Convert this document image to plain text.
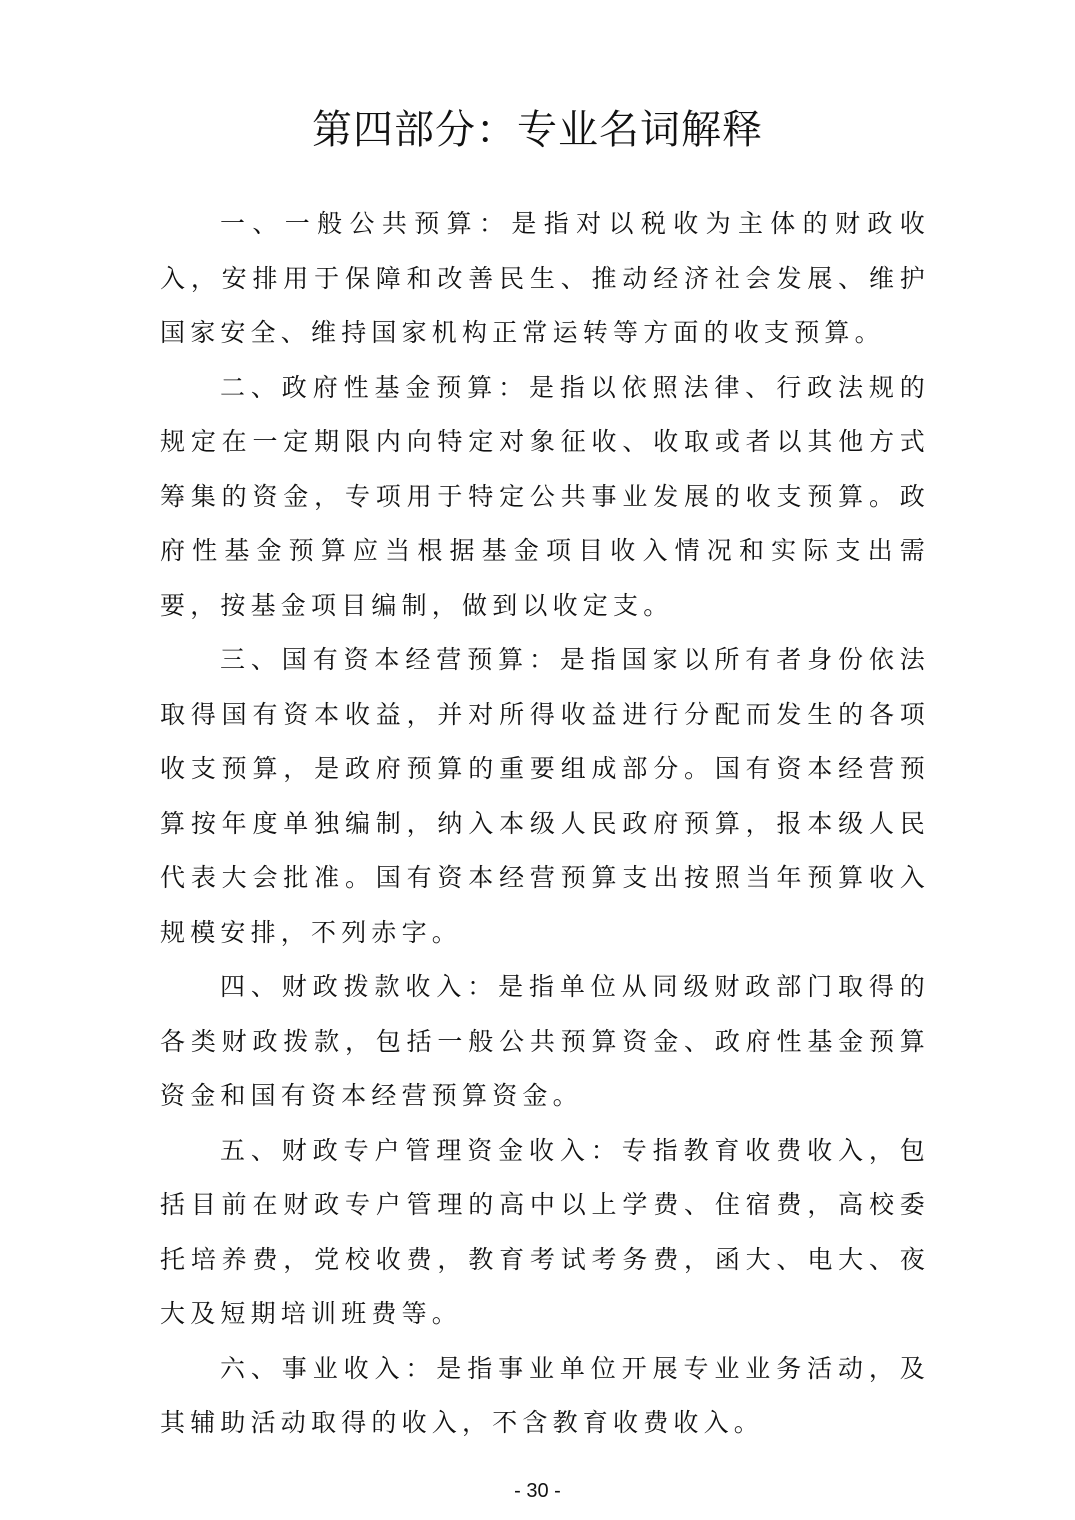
第四部分：专业名词解释

一、一般公共预算：是指对以税收为主体的财政收入，安排用于保障和改善民生、推动经济社会发展、维护国家安全、维持国家机构正常运转等方面的收支预算。

二、政府性基金预算：是指以依照法律、行政法规的规定在一定期限内向特定对象征收、收取或者以其他方式筹集的资金，专项用于特定公共事业发展的收支预算。政府性基金预算应当根据基金项目收入情况和实际支出需要，按基金项目编制，做到以收定支。

三、国有资本经营预算：是指国家以所有者身份依法取得国有资本收益，并对所得收益进行分配而发生的各项收支预算，是政府预算的重要组成部分。国有资本经营预算按年度单独编制，纳入本级人民政府预算，报本级人民代表大会批准。国有资本经营预算支出按照当年预算收入规模安排，不列赤字。

四、财政拨款收入：是指单位从同级财政部门取得的各类财政拨款，包括一般公共预算资金、政府性基金预算资金和国有资本经营预算资金。

五、财政专户管理资金收入：专指教育收费收入，包括目前在财政专户管理的高中以上学费、住宿费，高校委托培养费，党校收费，教育考试考务费，函大、电大、夜大及短期培训班费等。

六、事业收入：是指事业单位开展专业业务活动，及其辅助活动取得的收入，不含教育收费收入。

- 30 -
